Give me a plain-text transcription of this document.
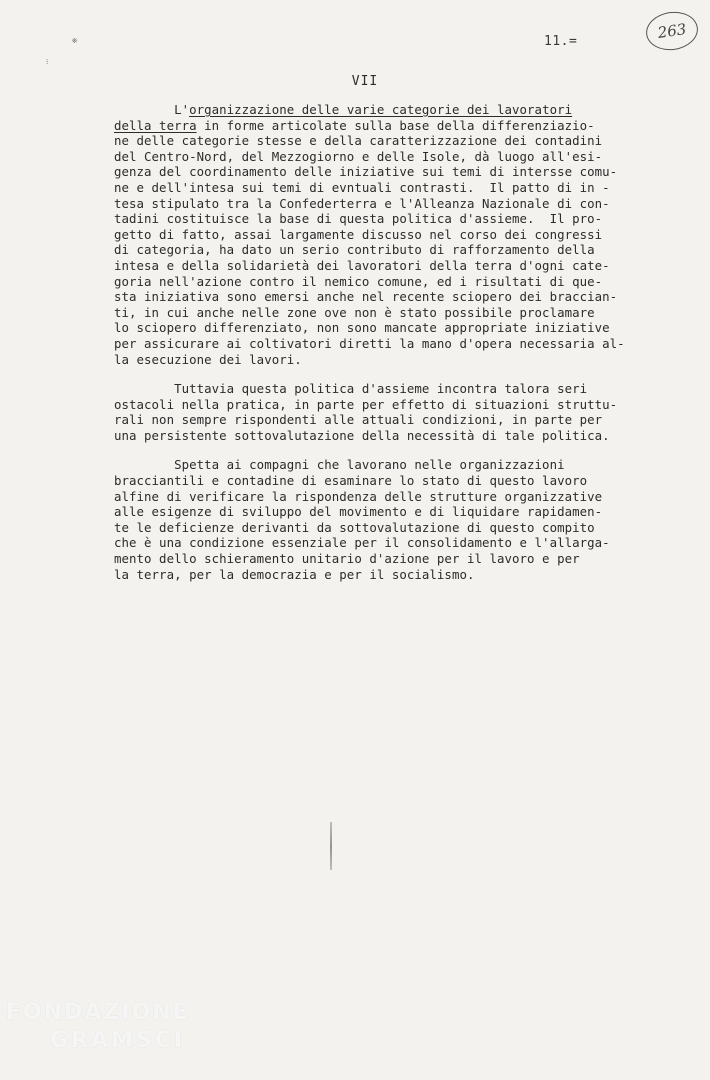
❊
⁝
11.=	263
VII
L'organizzazione delle varie categorie dei lavoratori
della terra in forme articolate sulla base della differenziazio-
ne delle categorie stesse e della caratterizzazione dei contadini
del Centro-Nord, del Mezzogiorno e delle Isole, dà luogo all'esi-
genza del coordinamento delle iniziative sui temi di intersse comu-
ne e dell'intesa sui temi di evntuali contrasti.  Il patto di in -
tesa stipulato tra la Confederterra e l'Alleanza Nazionale di con-
tadini costituisce la base di questa politica d'assieme.  Il pro-
getto di fatto, assai largamente discusso nel corso dei congressi
di categoria, ha dato un serio contributo di rafforzamento della
intesa e della solidarietà dei lavoratori della terra d'ogni cate-
goria nell'azione contro il nemico comune, ed i risultati di que-
sta iniziativa sono emersi anche nel recente sciopero dei braccian-
ti, in cui anche nelle zone ove non è stato possibile proclamare
lo sciopero differenziato, non sono mancate appropriate iniziative
per assicurare ai coltivatori diretti la mano d'opera necessaria al-
la esecuzione dei lavori.
Tuttavia questa politica d'assieme incontra talora seri
ostacoli nella pratica, in parte per effetto di situazioni struttu-
rali non sempre rispondenti alle attuali condizioni, in parte per
una persistente sottovalutazione della necessità di tale politica.
Spetta ai compagni che lavorano nelle organizzazioni
bracciantili e contadine di esaminare lo stato di questo lavoro
alfine di verificare la rispondenza delle strutture organizzative
alle esigenze di sviluppo del movimento e di liquidare rapidamen-
te le deficienze derivanti da sottovalutazione di questo compito
che è una condizione essenziale per il consolidamento e l'allarga-
mento dello schieramento unitario d'azione per il lavoro e per
la terra, per la democrazia e per il socialismo.
FONDAZIONE
GRAMSCI
